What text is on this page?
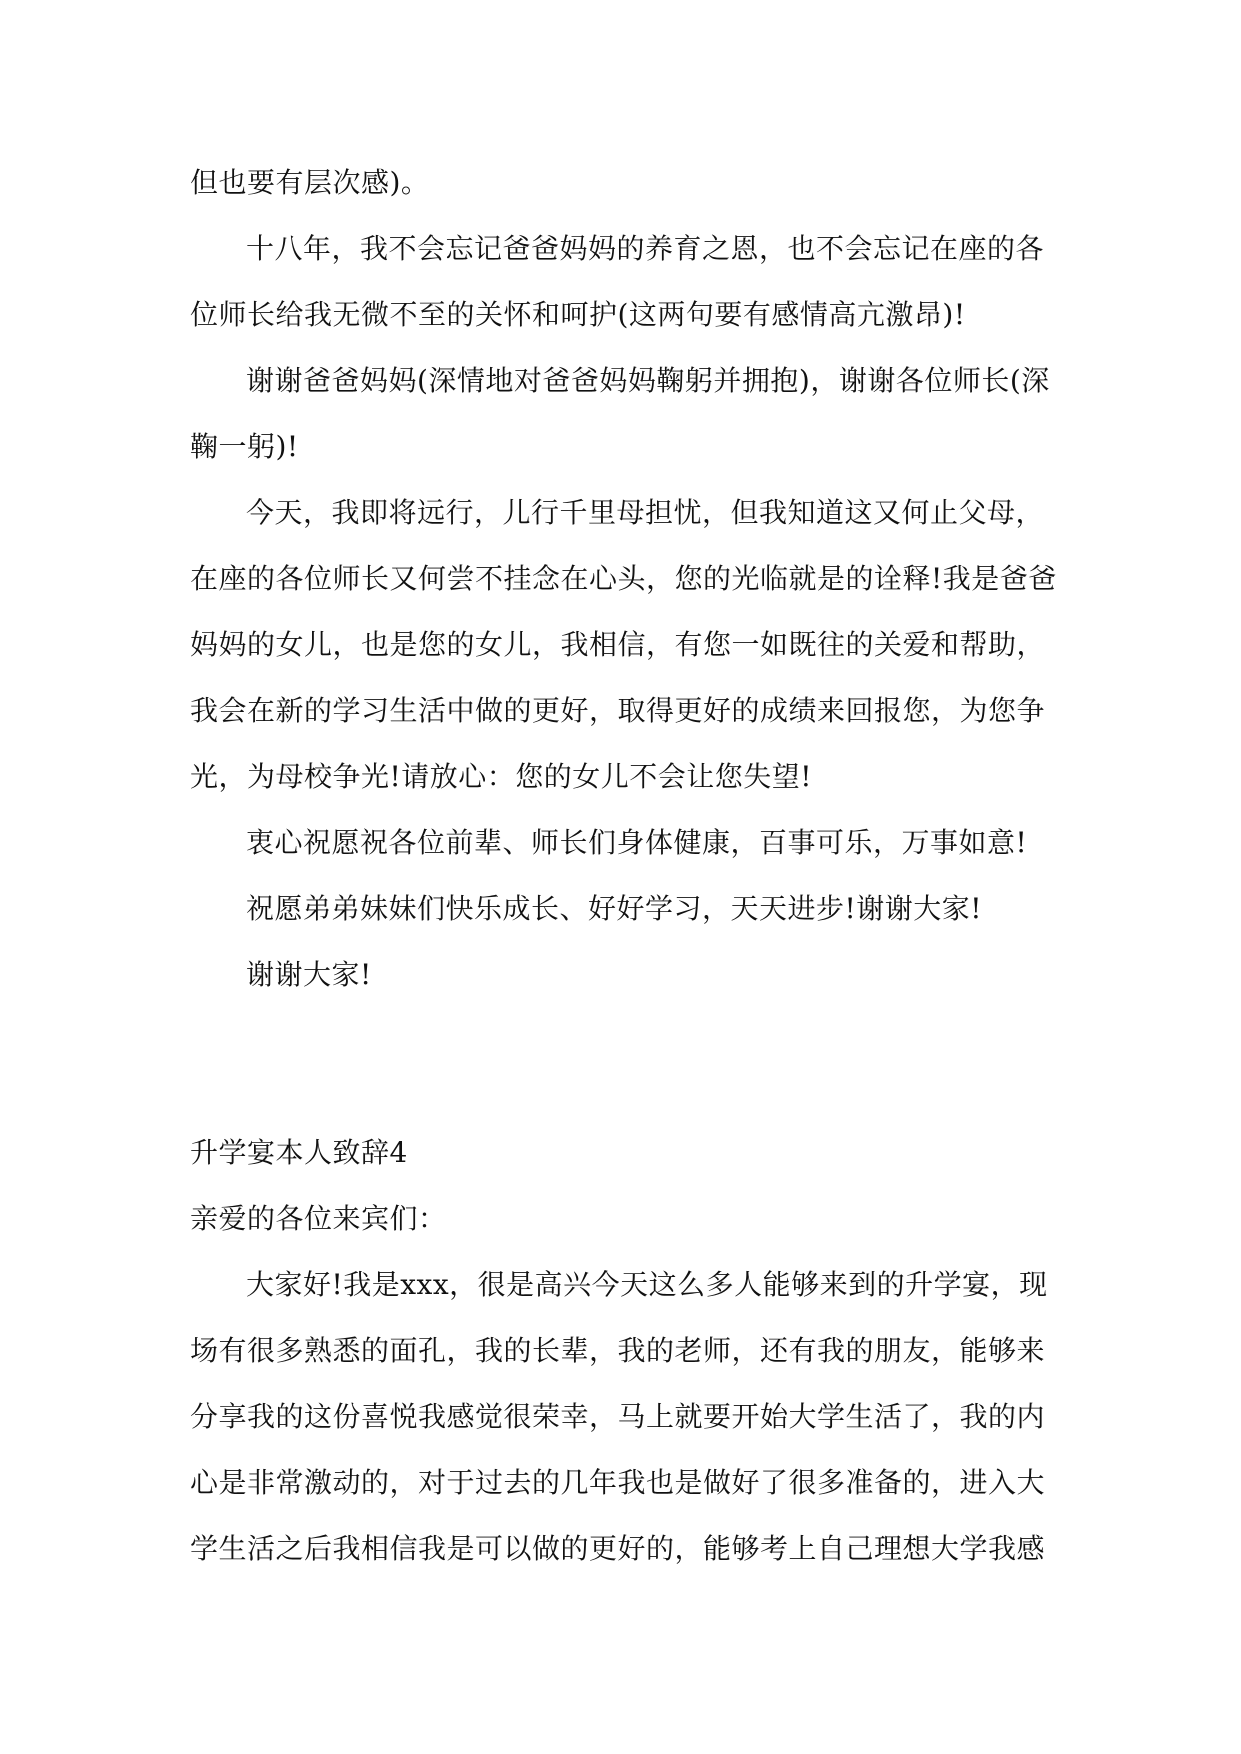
但也要有层次感)。

十八年，我不会忘记爸爸妈妈的养育之恩，也不会忘记在座的各位师长给我无微不至的关怀和呵护(这两句要有感情高亢激昂)!

谢谢爸爸妈妈(深情地对爸爸妈妈鞠躬并拥抱)，谢谢各位师长(深鞠一躬)!

今天，我即将远行，儿行千里母担忧，但我知道这又何止父母，在座的各位师长又何尝不挂念在心头，您的光临就是的诠释!我是爸爸妈妈的女儿，也是您的女儿，我相信，有您一如既往的关爱和帮助，我会在新的学习生活中做的更好，取得更好的成绩来回报您，为您争光，为母校争光!请放心：您的女儿不会让您失望!

衷心祝愿祝各位前辈、师长们身体健康，百事可乐，万事如意!

祝愿弟弟妹妹们快乐成长、好好学习，天天进步!谢谢大家!

谢谢大家!

升学宴本人致辞4

亲爱的各位来宾们：

大家好!我是xxx，很是高兴今天这么多人能够来到的升学宴，现场有很多熟悉的面孔，我的长辈，我的老师，还有我的朋友，能够来分享我的这份喜悦我感觉很荣幸，马上就要开始大学生活了，我的内心是非常激动的，对于过去的几年我也是做好了很多准备的，进入大学生活之后我相信我是可以做的更好的，能够考上自己理想大学我感
